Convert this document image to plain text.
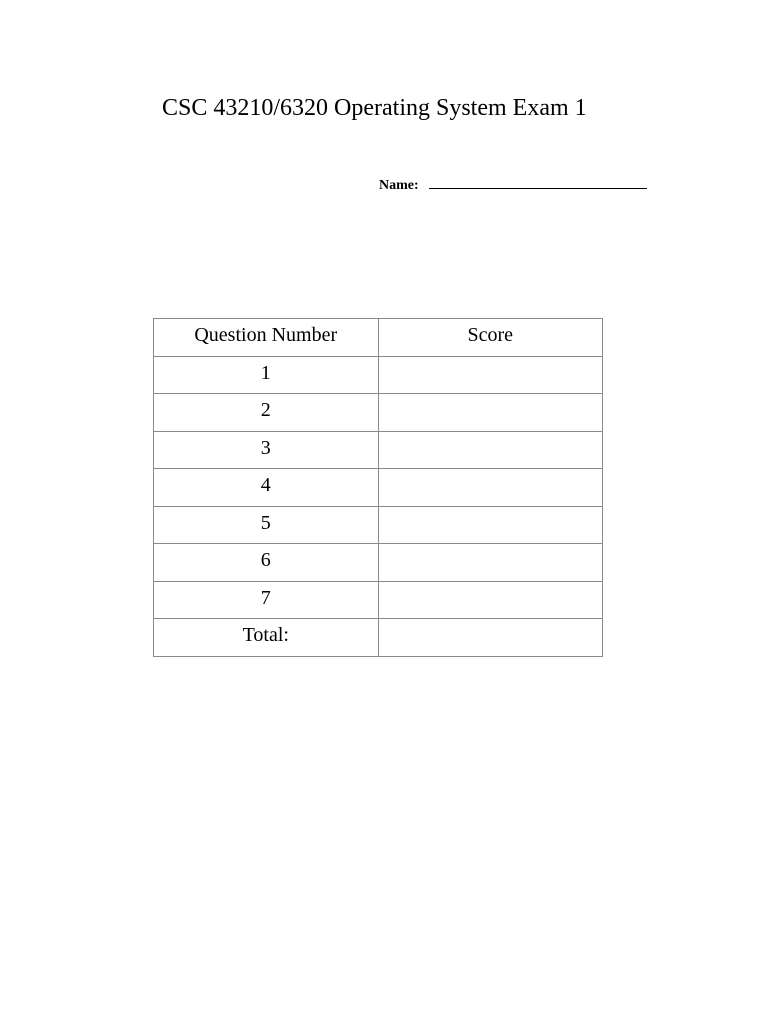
CSC 43210/6320 Operating System Exam 1
Name:
Question Number	Score
1	
2	
3	
4	
5	
6	
7	
Total:	
